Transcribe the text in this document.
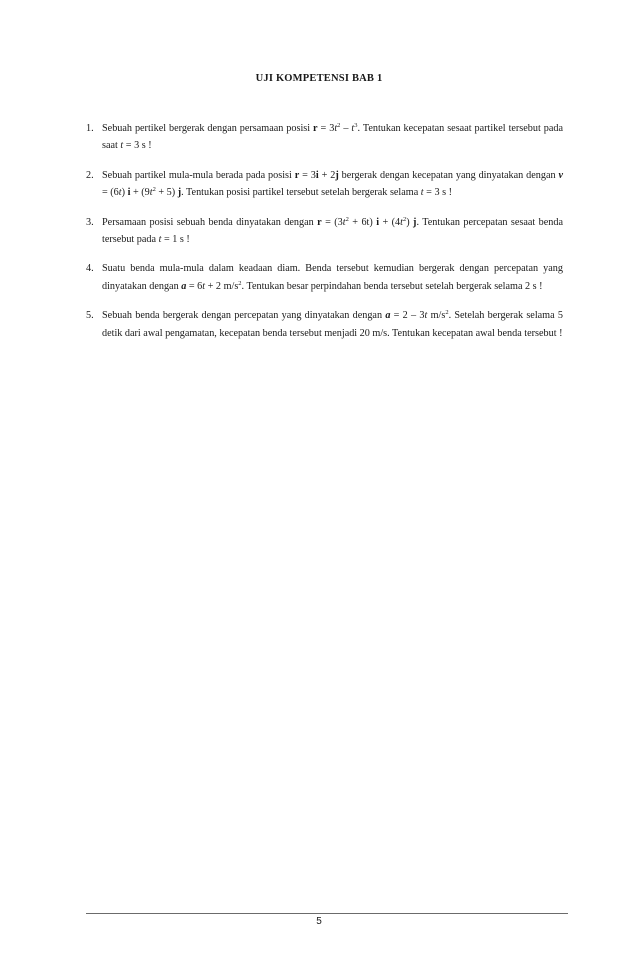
UJI KOMPETENSI BAB 1
1. Sebuah pertikel bergerak dengan persamaan posisi $r = 3t^2 - t^3$. Tentukan kecepatan sesaat partikel tersebut pada saat t = 3 s !
2. Sebuah partikel mula-mula berada pada posisi r = 3i + 2j bergerak dengan kecepatan yang dinyatakan dengan v = (6t) $i + (9t^2 + 5)$ j. Tentukan posisi partikel tersebut setelah bergerak selama t = 3 s !
3. Persamaan posisi sebuah benda dinyatakan dengan $r = (3t^2 + 6t) i + (4t^2)$ j. Tentukan percepatan sesaat benda tersebut pada t = 1 s !
4. Suatu benda mula-mula dalam keadaan diam. Benda tersebut kemudian bergerak dengan percepatan yang dinyatakan dengan a = 6t + 2 $m/s^2$. Tentukan besar perpindahan benda tersebut setelah bergerak selama 2 s !
5. Sebuah benda bergerak dengan percepatan yang dinyatakan dengan a = 2 – 3t $m/s^2$. Setelah bergerak selama 5 detik dari awal pengamatan, kecepatan benda tersebut menjadi 20 m/s. Tentukan kecepatan awal benda tersebut !
5
